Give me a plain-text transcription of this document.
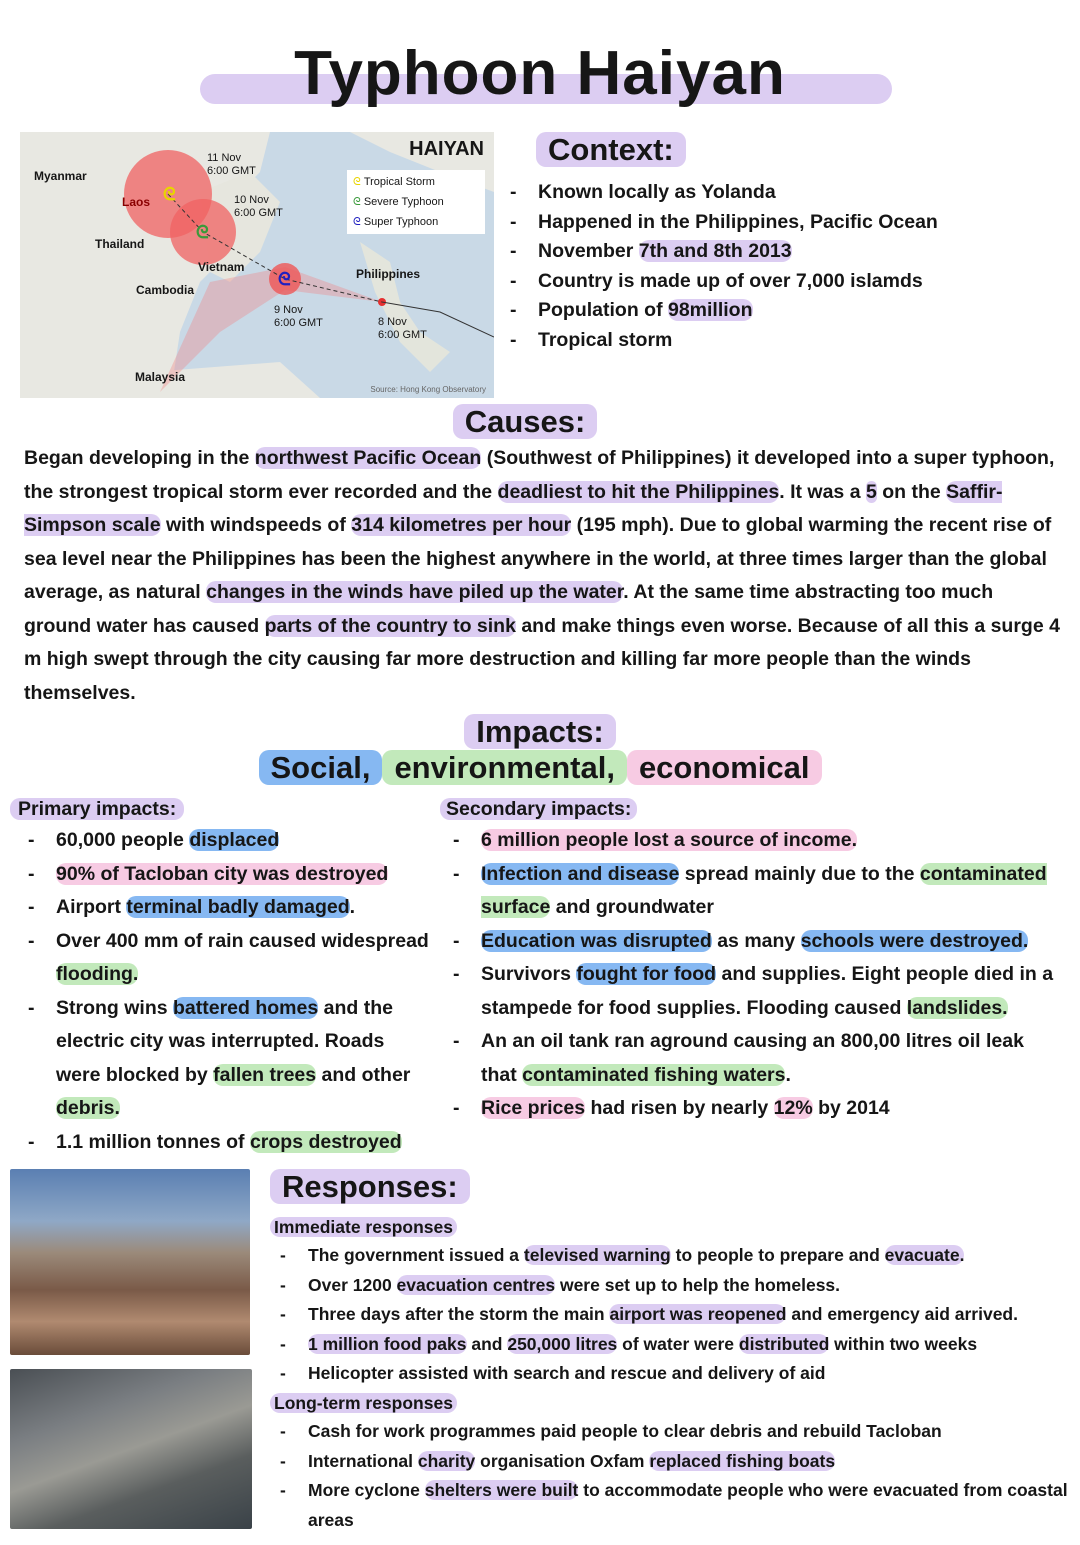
Typhoon Haiyan
ᘓ
ᘓ
ᘓ
HAIYAN
ᘓ Tropical Storm
ᘓ Severe Typhoon
ᘓ Super Typhoon
Myanmar
Laos
Thailand
Vietnam
Cambodia
Philippines
Malaysia
11 Nov
6:00 GMT
10 Nov
6:00 GMT
9 Nov
6:00 GMT	8 Nov
6:00 GMT
Source: Hong Kong Observatory
Context:
- Known locally as Yolanda
- Happened in the Philippines, Pacific Ocean
- November 7th and 8th 2013
- Country is made up of over 7,000 islamds
- Population of 98million
- Tropical storm
Causes:
Began developing in the northwest Pacific Ocean (Southwest of Philippines) it developed into a super typhoon, the strongest tropical storm ever recorded and the deadliest to hit the Philippines. It was a 5 on the Saffir-Simpson scale with windspeeds of 314 kilometres per hour (195 mph). Due to global warming the recent rise of sea level near the Philippines has been the highest anywhere in the world, at three times larger than the global average, as natural changes in the winds have piled up the water. At the same time abstracting too much ground water has caused parts of the country to sink and make things even worse. Because of all this a surge 4 m high swept through the city causing far more destruction and killing far more people than the winds themselves.
Impacts:
Social, environmental, economical
Primary impacts:
- 60,000 people displaced
- 90% of Tacloban city was destroyed
- Airport terminal badly damaged.
- Over 400 mm of rain caused widespread flooding.
- Strong wins battered homes and the electric city was interrupted. Roads were blocked by fallen trees and other debris.
- 1.1 million tonnes of crops destroyed
Secondary impacts:
- 6 million people lost a source of income.
- Infection and disease spread mainly due to the contaminated surface and groundwater
- Education was disrupted as many schools were destroyed.
- Survivors fought for food and supplies. Eight people died in a stampede for food supplies. Flooding caused landslides.
- An an oil tank ran aground causing an 800,00 litres oil leak that contaminated fishing waters.
- Rice prices had risen by nearly 12% by 2014
Responses:
Immediate responses
- The government issued a televised warning to people to prepare and evacuate.
- Over 1200 evacuation centres were set up to help the homeless.
- Three days after the storm the main airport was reopened and emergency aid arrived.
- 1 million food paks and 250,000 litres of water were distributed within two weeks
- Helicopter assisted with search and rescue and delivery of aid
Long-term responses
- Cash for work programmes paid people to clear debris and rebuild Tacloban
- International charity organisation Oxfam replaced fishing boats
- More cyclone shelters were built to accommodate people who were evacuated from coastal areas
